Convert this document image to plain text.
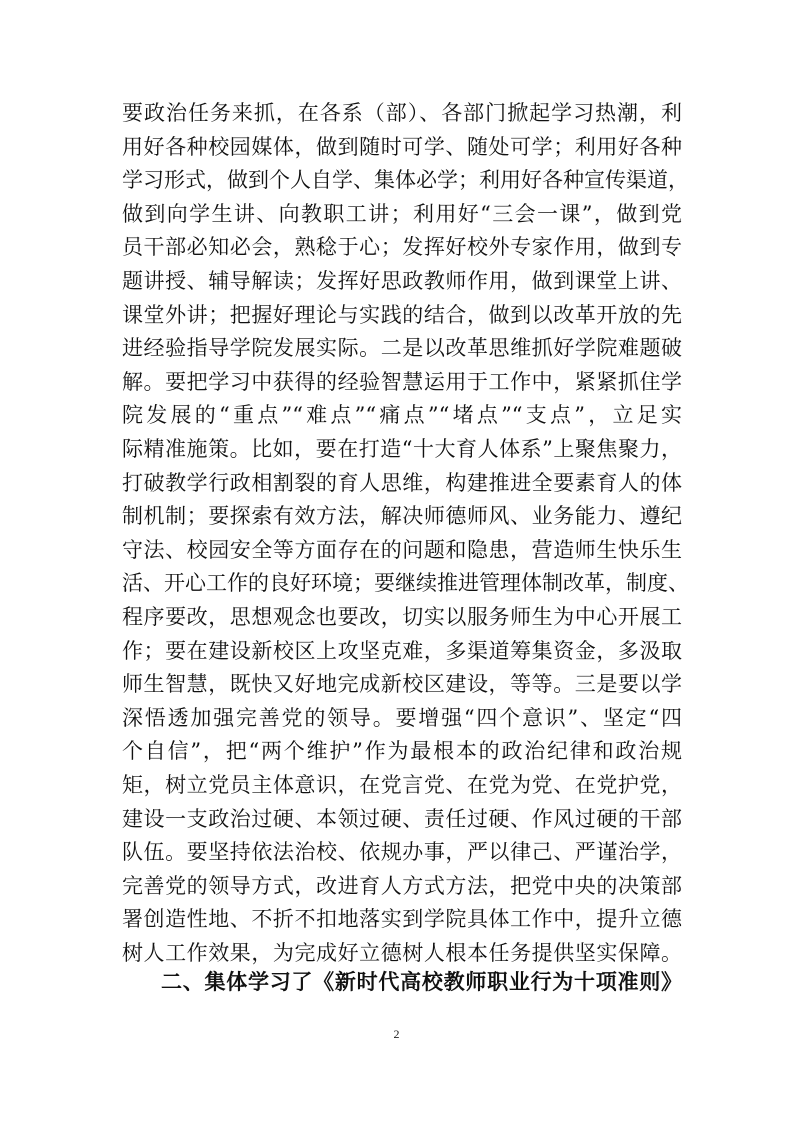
要政治任务来抓，在各系（部）、各部门掀起学习热潮，利
用好各种校园媒体，做到随时可学、随处可学；利用好各种
学习形式，做到个人自学、集体必学；利用好各种宣传渠道，
做到向学生讲、向教职工讲；利用好“三会一课”，做到党
员干部必知必会，熟稔于心；发挥好校外专家作用，做到专
题讲授、辅导解读；发挥好思政教师作用，做到课堂上讲、
课堂外讲；把握好理论与实践的结合，做到以改革开放的先
进经验指导学院发展实际。二是以改革思维抓好学院难题破
解。要把学习中获得的经验智慧运用于工作中，紧紧抓住学
院发展的“重点”“难点”“痛点”“堵点”“支点”，立足实
际精准施策。比如，要在打造“十大育人体系”上聚焦聚力，
打破教学行政相割裂的育人思维，构建推进全要素育人的体
制机制；要探索有效方法，解决师德师风、业务能力、遵纪
守法、校园安全等方面存在的问题和隐患，营造师生快乐生
活、开心工作的良好环境；要继续推进管理体制改革，制度、
程序要改，思想观念也要改，切实以服务师生为中心开展工
作；要在建设新校区上攻坚克难，多渠道筹集资金，多汲取
师生智慧，既快又好地完成新校区建设，等等。三是要以学
深悟透加强完善党的领导。要增强“四个意识”、坚定“四
个自信”，把“两个维护”作为最根本的政治纪律和政治规
矩，树立党员主体意识，在党言党、在党为党、在党护党，
建设一支政治过硬、本领过硬、责任过硬、作风过硬的干部
队伍。要坚持依法治校、依规办事，严以律己、严谨治学，
完善党的领导方式，改进育人方式方法，把党中央的决策部
署创造性地、不折不扣地落实到学院具体工作中，提升立德
树人工作效果，为完成好立德树人根本任务提供坚实保障。
二、集体学习了《新时代高校教师职业行为十项准则》
2
